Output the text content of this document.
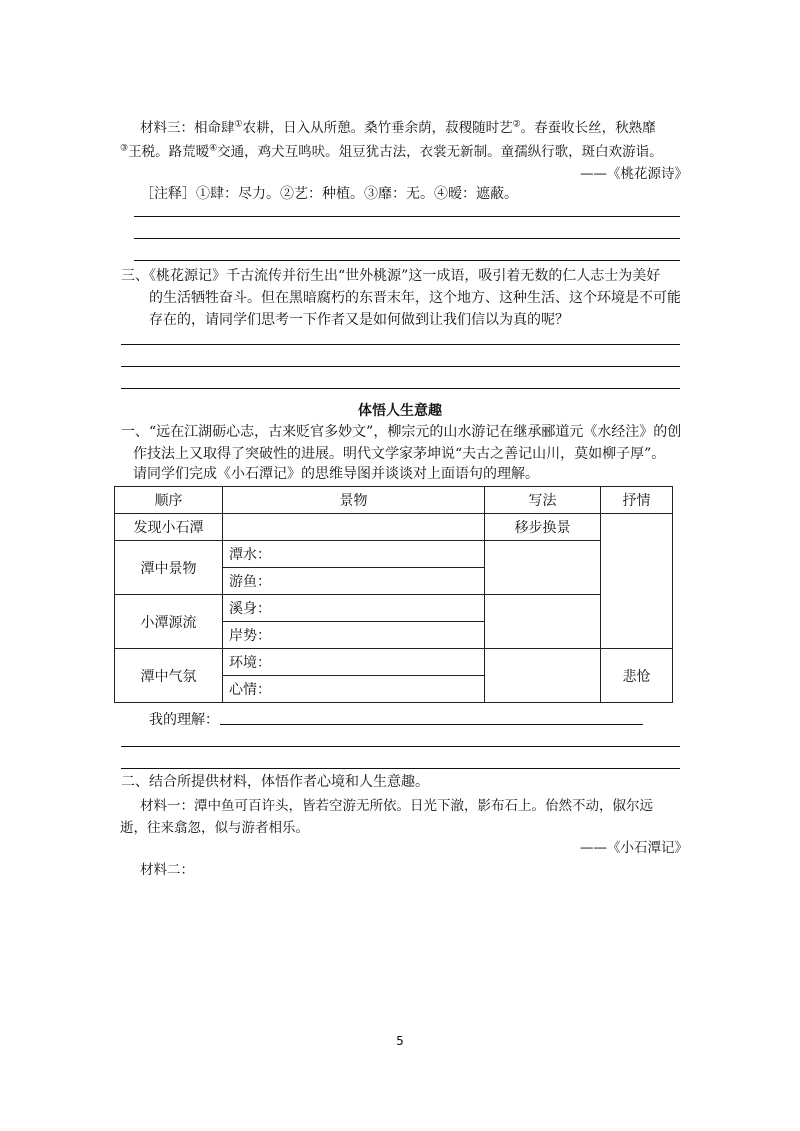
材料三：相命肆①农耕，日入从所憩。桑竹垂余荫，菽稷随时艺②。春蚕收长丝，秋熟靡
③王税。路荒暧④交通，鸡犬互鸣吠。俎豆犹古法，衣裳无新制。童孺纵行歌，斑白欢游诣。
——《桃花源诗》
［注释］①肆：尽力。②艺：种植。③靡：无。④暧：遮蔽。
三、《桃花源记》千古流传并衍生出“世外桃源”这一成语，吸引着无数的仁人志士为美好
的生活牺牲奋斗。但在黑暗腐朽的东晋末年，这个地方、这种生活、这个环境是不可能
存在的，请同学们思考一下作者又是如何做到让我们信以为真的呢？
体悟人生意趣
一、“远在江湖砺心志，古来贬官多妙文”，柳宗元的山水游记在继承郦道元《水经注》的创
作技法上又取得了突破性的进展。明代文学家茅坤说“夫古之善记山川，莫如柳子厚”。
请同学们完成《小石潭记》的思维导图并谈谈对上面语句的理解。
顺序	景物	写法	抒情
发现小石潭		移步换景	
潭中景物	潭水：		
	游鱼：		
小潭源流	溪身：		
	岸势：		
潭中气氛	环境：		悲怆
	心情：		
我的理解：
二、结合所提供材料，体悟作者心境和人生意趣。
材料一：潭中鱼可百许头，皆若空游无所依。日光下澈，影布石上。佁然不动，俶尔远
逝，往来翕忽，似与游者相乐。
——《小石潭记》
材料二：
5
